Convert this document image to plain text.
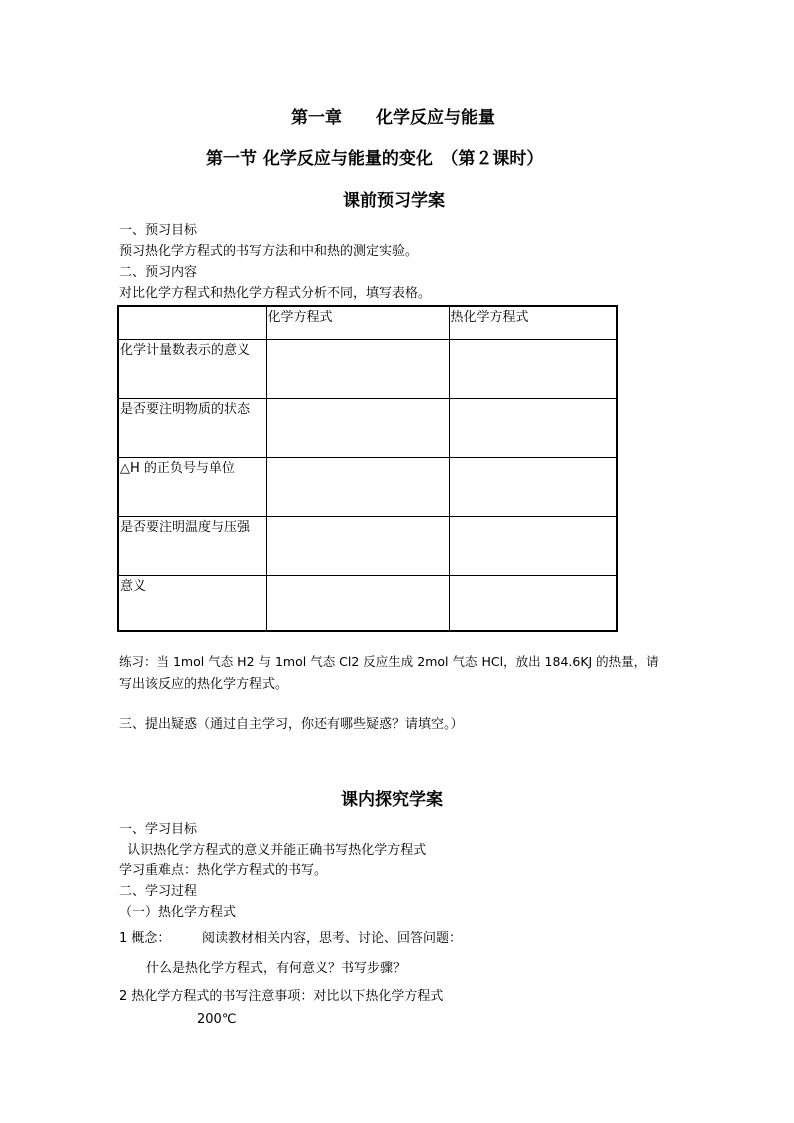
第一章　　化学反应与能量
第一节 化学反应与能量的变化　（第２课时）
课前预习学案
一、预习目标
预习热化学方程式的书写方法和中和热的测定实验。
二、预习内容
对比化学方程式和热化学方程式分析不同，填写表格。
	化学方程式	热化学方程式
化学计量数表示的意义		
是否要注明物质的状态		
△H 的正负号与单位		
是否要注明温度与压强		
意义		
练习：当 1mol 气态 H2 与 1mol 气态 Cl2 反应生成 2mol 气态 HCl，放出 184.6KJ 的热量，请
写出该反应的热化学方程式。
三、提出疑惑（通过自主学习，你还有哪些疑惑？请填空。）
课内探究学案
一、学习目标
认识热化学方程式的意义并能正确书写热化学方程式
学习重难点：热化学方程式的书写。
二、学习过程
（一）热化学方程式
1 概念： 阅读教材相关内容，思考、讨论、回答问题：
什么是热化学方程式，有何意义？书写步骤？
2 热化学方程式的书写注意事项：对比以下热化学方程式
200℃
